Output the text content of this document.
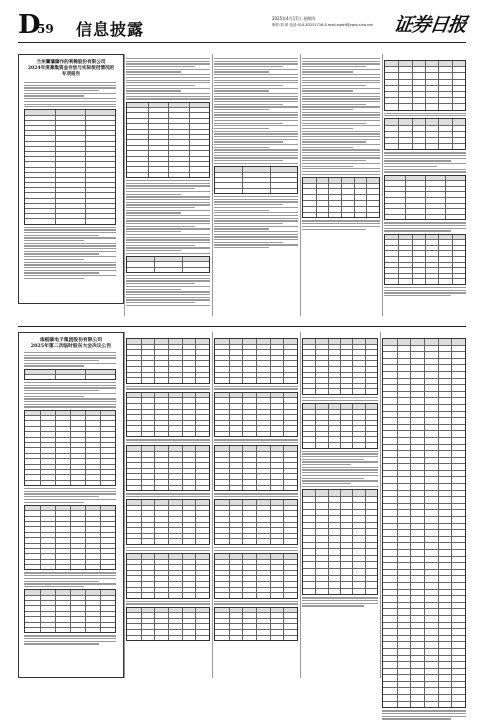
D
59 信息披露
2025年4月17日 星期四
制作:刘 萍 电话:010-83251716 E-mail:zqrb9@zqrb.sina.net 证券日报
兰州蘭藩藩作的利稀股份有限公司
2024年度募集资金存放与实际使用情况的
专项报告
南极碳电子集团股份有限公司
2025年第二次临时股东大会决议公告
